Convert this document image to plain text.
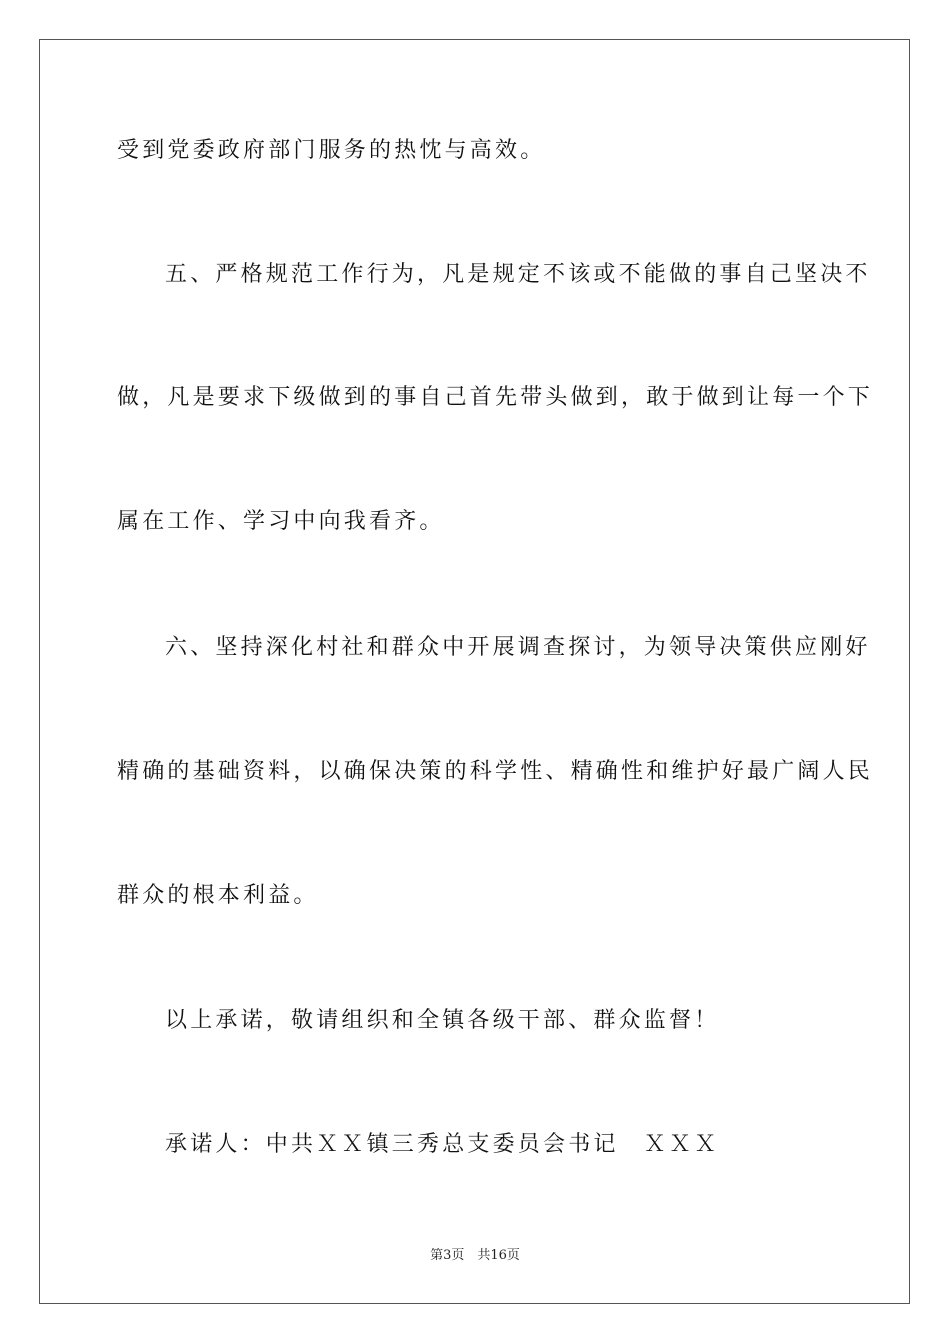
受到党委政府部门服务的热忱与高效。
五、严格规范工作行为，凡是规定不该或不能做的事自己坚决不
做，凡是要求下级做到的事自己首先带头做到，敢于做到让每一个下
属在工作、学习中向我看齐。
六、坚持深化村社和群众中开展调查探讨，为领导决策供应刚好
精确的基础资料，以确保决策的科学性、精确性和维护好最广阔人民
群众的根本利益。
以上承诺，敬请组织和全镇各级干部、群众监督！
承诺人：中共ＸＸ镇三秀总支委员会书记　ＸＸＸ
第3页　共16页
